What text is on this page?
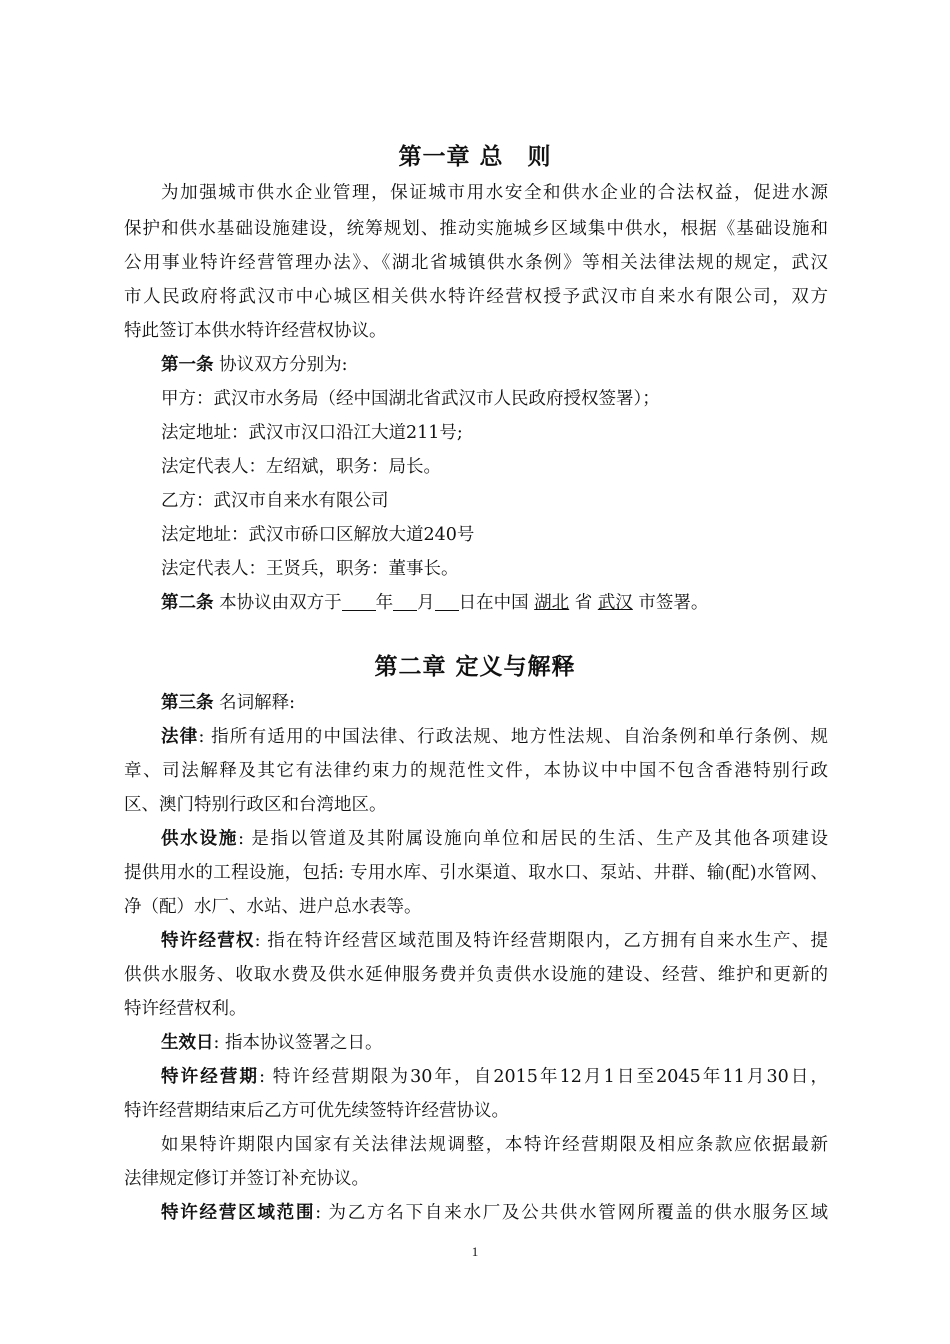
第一章 总　则
为加强城市供水企业管理，保证城市用水安全和供水企业的合法权益，促进水源
保护和供水基础设施建设，统筹规划、推动实施城乡区域集中供水，根据《基础设施和
公用事业特许经营管理办法》、《湖北省城镇供水条例》等相关法律法规的规定，武汉
市人民政府将武汉市中心城区相关供水特许经营权授予武汉市自来水有限公司，双方
特此签订本供水特许经营权协议。
第一条 协议双方分别为:
甲方：武汉市水务局（经中国湖北省武汉市人民政府授权签署）；
法定地址：武汉市汉口沿江大道211号;
法定代表人：左绍斌，职务：局长。
乙方：武汉市自来水有限公司
法定地址：武汉市硚口区解放大道240号
法定代表人：王贤兵，职务：董事长。
第二条 本协议由双方于 年 月 日在中国 湖北 省 武汉 市签署。
第二章 定义与解释
第三条 名词解释:
法律: 指所有适用的中国法律、行政法规、地方性法规、自治条例和单行条例、规
章、司法解释及其它有法律约束力的规范性文件，本协议中中国不包含香港特别行政
区、澳门特别行政区和台湾地区。
供水设施: 是指以管道及其附属设施向单位和居民的生活、生产及其他各项建设
提供用水的工程设施，包括: 专用水库、引水渠道、取水口、泵站、井群、输(配)水管网、
净（配）水厂、水站、进户总水表等。
特许经营权: 指在特许经营区域范围及特许经营期限内，乙方拥有自来水生产、提
供供水服务、收取水费及供水延伸服务费并负责供水设施的建设、经营、维护和更新的
特许经营权利。
生效日: 指本协议签署之日。
特许经营期: 特许经营期限为30年，自2015年12月1日至2045年11月30日，
特许经营期结束后乙方可优先续签特许经营协议。
如果特许期限内国家有关法律法规调整，本特许经营期限及相应条款应依据最新
法律规定修订并签订补充协议。
特许经营区域范围: 为乙方名下自来水厂及公共供水管网所覆盖的供水服务区域
1
